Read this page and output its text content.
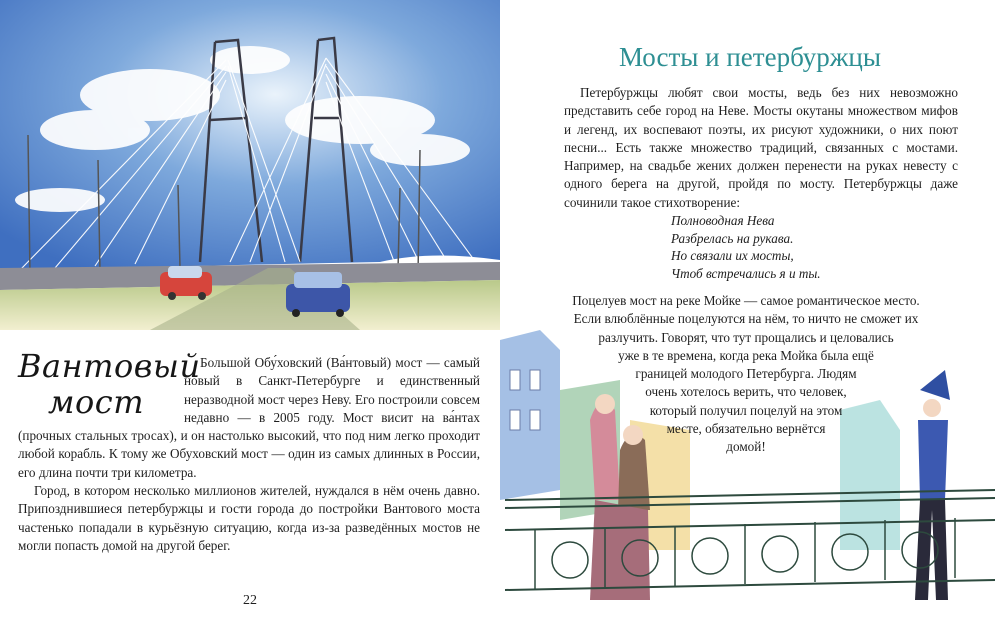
Вантовый
мост

Большой Обу́ховский (Ва́нтовый) мост — самый новый в Санкт-Петербурге и единственный неразводной мост через Неву. Его построили совсем недавно — в 2005 году. Мост висит на ва́нтах (прочных стальных тросах), и он настолько высокий, что под ним легко проходит любой корабль. К тому же Обуховский мост — один из самых длинных в России, его длина почти три километра.

Город, в котором несколько миллионов жителей, нуждался в нём очень давно. Припозднившиеся петербуржцы и гости города до постройки Вантового моста частенько попадали в курьёзную ситуацию, когда из-за разведённых мостов не могли попасть домой на другой берег.

22

Мосты и петербуржцы

Петербуржцы любят свои мосты, ведь без них невозможно представить себе город на Неве. Мосты окутаны множеством мифов и легенд, их воспевают поэты, их рисуют художники, о них поют песни... Есть также множество традиций, связанных с мостами. Например, на свадьбе жених должен перенести на руках невесту с одного берега на другой, пройдя по мосту. Петербуржцы даже сочинили такое стихотворение:

Полноводная Нева
Разбрелась на рукава.
Но связали их мосты,
Чтоб встречались я и ты.
Поцелуев мост на реке Мойке — самое романтическое место.
Если влюблённые поцелуются на нём, то ничто не сможет их
разлучить. Говорят, что тут прощались и целовались
уже в те времена, когда река Мойка была ещё
границей молодого Петербурга. Людям
очень хотелось верить, что человек,
который получил поцелуй на этом
месте, обязательно вернётся
домой!
